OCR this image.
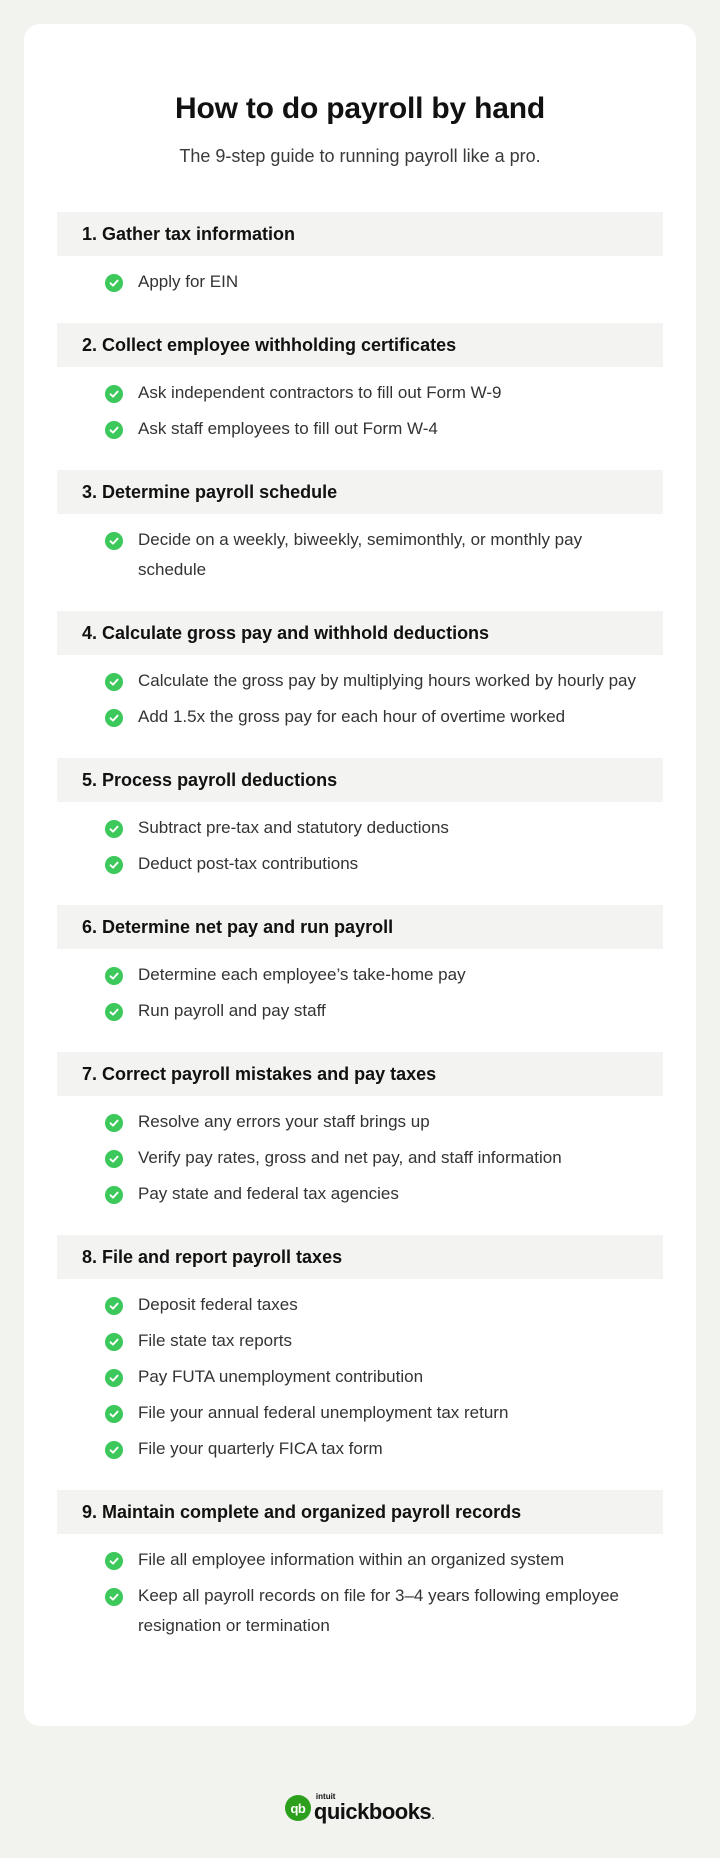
How to do payroll by hand

The 9-step guide to running payroll like a pro.

1. Gather tax information
Apply for EIN
2. Collect employee withholding certificates
Ask independent contractors to fill out Form W-9
Ask staff employees to fill out Form W-4
3. Determine payroll schedule
Decide on a weekly, biweekly, semimonthly, or monthly pay schedule
4. Calculate gross pay and withhold deductions
Calculate the gross pay by multiplying hours worked by hourly pay
Add 1.5x the gross pay for each hour of overtime worked
5. Process payroll deductions
Subtract pre-tax and statutory deductions
Deduct post-tax contributions
6. Determine net pay and run payroll
Determine each employee’s take-home pay
Run payroll and pay staff
7. Correct payroll mistakes and pay taxes
Resolve any errors your staff brings up
Verify pay rates, gross and net pay, and staff information
Pay state and federal tax agencies
8. File and report payroll taxes
Deposit federal taxes
File state tax reports
Pay FUTA unemployment contribution
File your annual federal unemployment tax return
File your quarterly FICA tax form
9. Maintain complete and organized payroll records
File all employee information within an organized system
Keep all payroll records on file for 3–4 years following employee resignation or termination
qb
intuit
quickbooks.
